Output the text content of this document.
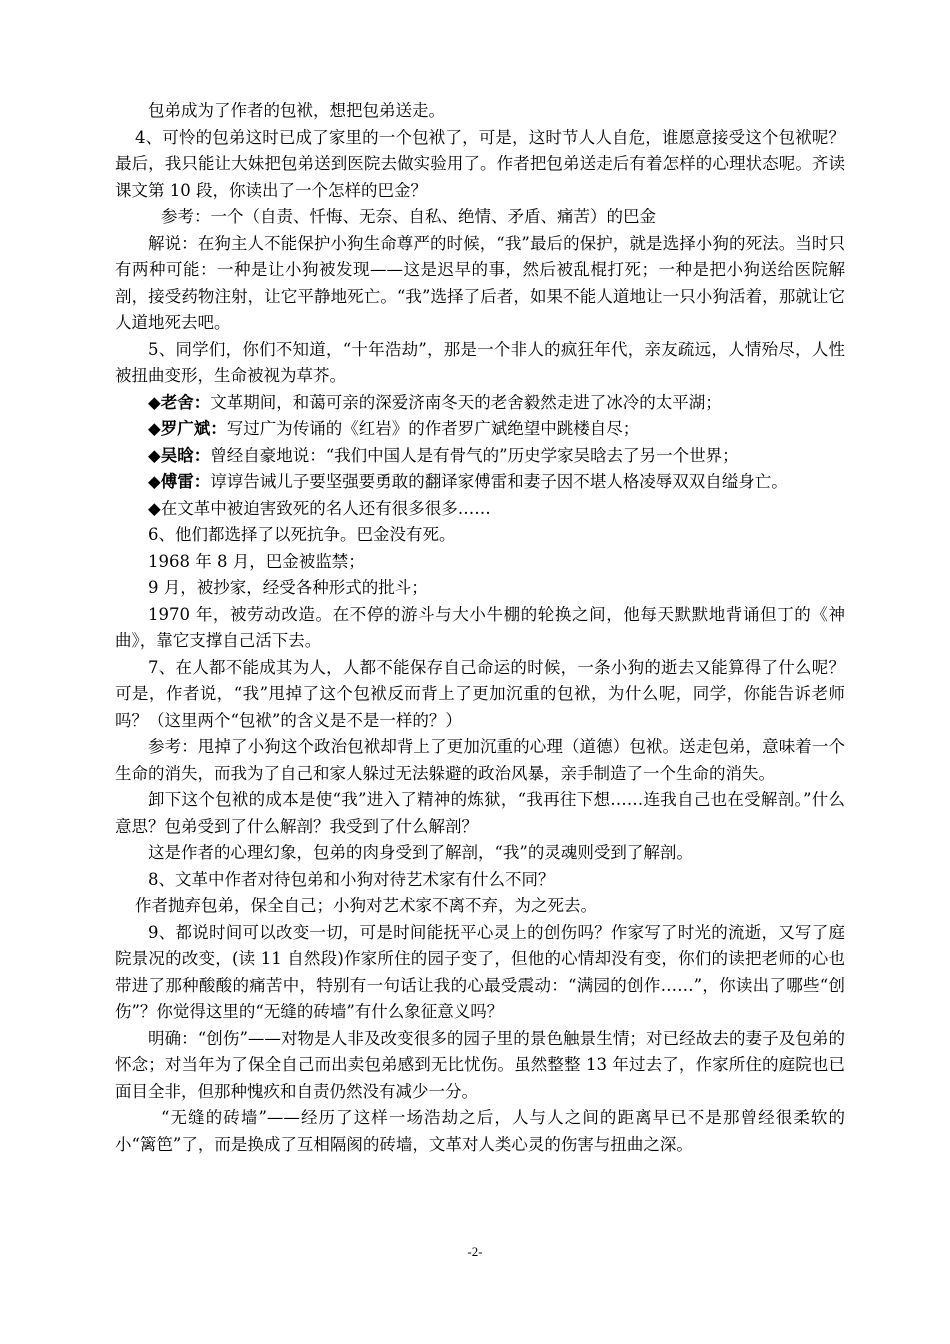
包弟成为了作者的包袱，想把包弟送走。

4、可怜的包弟这时已成了家里的一个包袱了，可是，这时节人人自危，谁愿意接受这个包袱呢？最后，我只能让大妹把包弟送到医院去做实验用了。作者把包弟送走后有着怎样的心理状态呢。齐读课文第 10 段，你读出了一个怎样的巴金？

参考：一个（自责、忏悔、无奈、自私、绝情、矛盾、痛苦）的巴金

解说：在狗主人不能保护小狗生命尊严的时候，“我”最后的保护，就是选择小狗的死法。当时只有两种可能：一种是让小狗被发现——这是迟早的事，然后被乱棍打死；一种是把小狗送给医院解剖，接受药物注射，让它平静地死亡。“我”选择了后者，如果不能人道地让一只小狗活着，那就让它人道地死去吧。

5、同学们，你们不知道，“十年浩劫”，那是一个非人的疯狂年代，亲友疏远，人情殆尽，人性被扭曲变形，生命被视为草芥。

◆老舍：文革期间，和蔼可亲的深爱济南冬天的老舍毅然走进了冰冷的太平湖；

◆罗广斌：写过广为传诵的《红岩》的作者罗广斌绝望中跳楼自尽；

◆吴晗：曾经自豪地说：“我们中国人是有骨气的”历史学家吴晗去了另一个世界；

◆傅雷：谆谆告诫儿子要坚强要勇敢的翻译家傅雷和妻子因不堪人格凌辱双双自缢身亡。

◆在文革中被迫害致死的名人还有很多很多……

6、他们都选择了以死抗争。巴金没有死。

1968 年 8 月，巴金被监禁；

9 月，被抄家，经受各种形式的批斗；

1970 年，被劳动改造。在不停的游斗与大小牛棚的轮换之间，他每天默默地背诵但丁的《神曲》，靠它支撑自己活下去。

7、在人都不能成其为人，人都不能保存自己命运的时候，一条小狗的逝去又能算得了什么呢？可是，作者说，“我”甩掉了这个包袱反而背上了更加沉重的包袱，为什么呢，同学，你能告诉老师吗？（这里两个“包袱”的含义是不是一样的？）

参考：甩掉了小狗这个政治包袱却背上了更加沉重的心理（道德）包袱。送走包弟，意味着一个生命的消失，而我为了自己和家人躲过无法躲避的政治风暴，亲手制造了一个生命的消失。

卸下这个包袱的成本是使“我”进入了精神的炼狱，“我再往下想……连我自己也在受解剖。”什么意思？包弟受到了什么解剖？我受到了什么解剖？

这是作者的心理幻象，包弟的肉身受到了解剖，“我”的灵魂则受到了解剖。

8、文革中作者对待包弟和小狗对待艺术家有什么不同？

作者抛弃包弟，保全自己；小狗对艺术家不离不弃，为之死去。

9、都说时间可以改变一切，可是时间能抚平心灵上的创伤吗？作家写了时光的流逝，又写了庭院景况的改变，(读 11 自然段)作家所住的园子变了，但他的心情却没有变，你们的读把老师的心也带进了那种酸酸的痛苦中，特别有一句话让我的心最受震动：“满园的创作……”，你读出了哪些“创伤”？你觉得这里的“无缝的砖墙”有什么象征意义吗？

明确：“创伤”——对物是人非及改变很多的园子里的景色触景生情；对已经故去的妻子及包弟的怀念；对当年为了保全自己而出卖包弟感到无比忧伤。虽然整整 13 年过去了，作家所住的庭院也已面目全非，但那种愧疚和自责仍然没有减少一分。

“无缝的砖墙”——经历了这样一场浩劫之后，人与人之间的距离早已不是那曾经很柔软的小“篱笆”了，而是换成了互相隔阂的砖墙，文革对人类心灵的伤害与扭曲之深。

-2-
